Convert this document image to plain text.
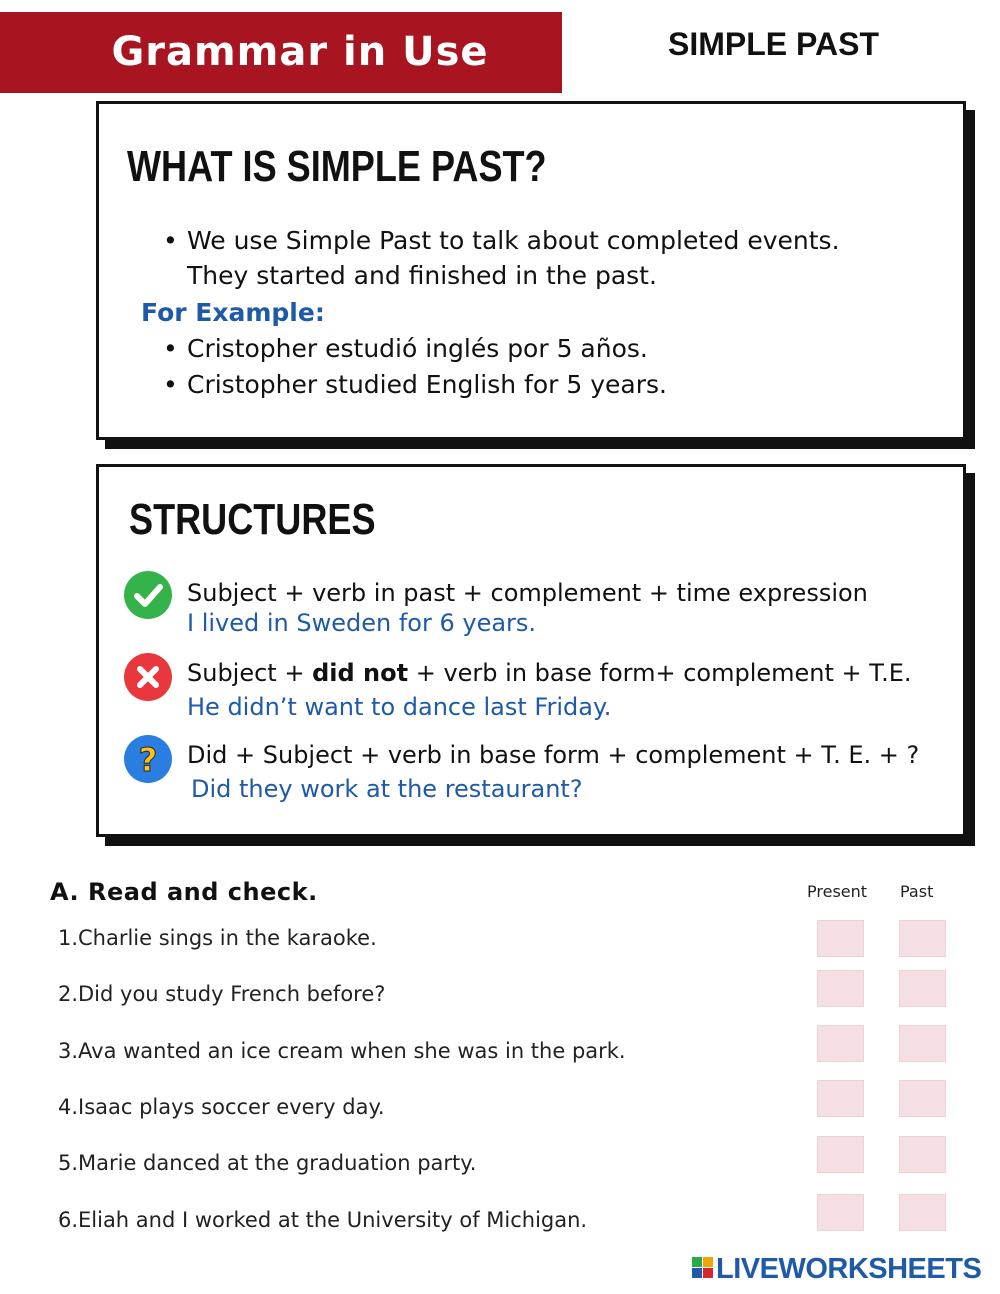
Grammar in Use	SIMPLE PAST
WHAT IS SIMPLE PAST?
• We use Simple Past to talk about completed events.
They started and finished in the past.
For Example:
• Cristopher estudió inglés por 5 años.
• Cristopher studied English for 5 years.
STRUCTURES
Subject + verb in past + complement + time expression
I lived in Sweden for 6 years.
Subject + did not + verb in base form+ complement + T.E.
He didn’t want to dance last Friday.
? Did + Subject + verb in base form + complement + T. E. + ?
Did they work at the restaurant?
A. Read and check.	Present Past
1.Charlie sings in the karaoke.
2.Did you study French before?
3.Ava wanted an ice cream when she was in the park.
4.Isaac plays soccer every day.
5.Marie danced at the graduation party.
6.Eliah and I worked at the University of Michigan.
LIVEWORKSHEETS
